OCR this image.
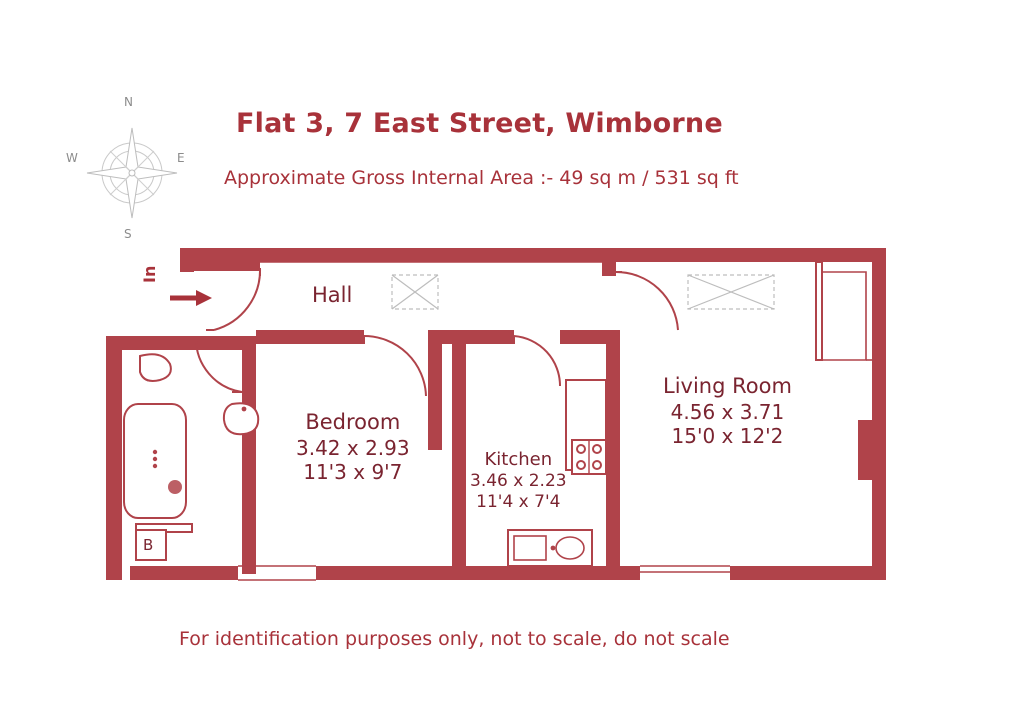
Flat 3, 7 East Street, Wimborne
Approximate Gross Internal Area :- 49 sq m / 531 sq ft
For identification purposes only, not to scale, do not scale
N
E
S
W
In
B
Hall
Bedroom
3.42 x 2.93
11'3 x 9'7
Kitchen
3.46 x 2.23
11'4 x 7'4
Living Room
4.56 x 3.71
15'0 x 12'2
